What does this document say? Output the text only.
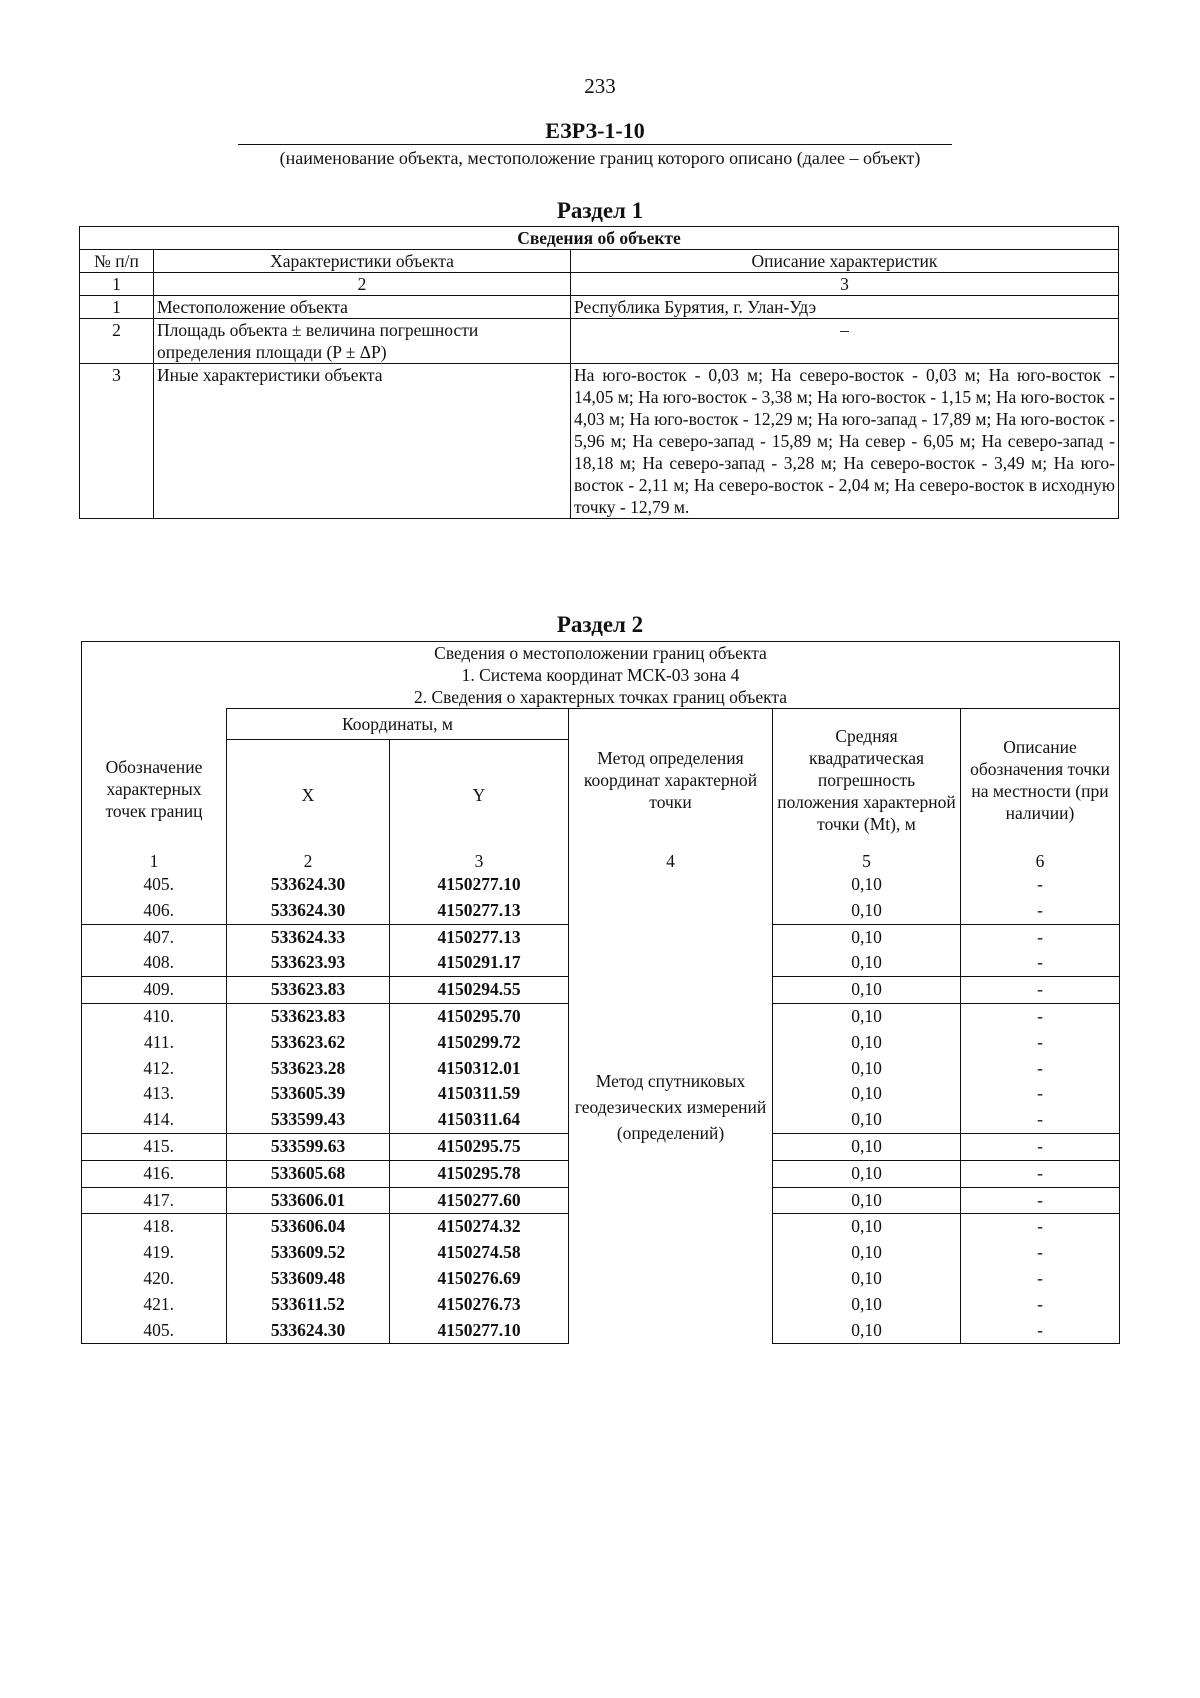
233
ЕЗРЗ-1-10
(наименование объекта, местоположение границ которого описано (далее – объект)
Раздел 1
Сведения об объекте		
№ п/п	Характеристики объекта	Описание характеристик
1	2	3
1	Местоположение объекта	Республика Бурятия, г. Улан-Удэ
2	Площадь объекта ± величина погрешности определения площади (P ± ΔP)	–
3	Иные характеристики объекта	На юго-восток - 0,03 м; На северо-восток - 0,03 м; На юго-восток - 14,05 м; На юго-восток - 3,38 м; На юго-восток - 1,15 м; На юго-восток - 4,03 м; На юго-восток - 12,29 м; На юго-запад - 17,89 м; На юго-восток - 5,96 м; На северо-запад - 15,89 м; На север - 6,05 м; На северо-запад - 18,18 м; На северо-запад - 3,28 м; На северо-восток - 3,49 м; На юго-восток - 2,11 м; На северо-восток - 2,04 м; На северо-восток в исходную точку - 12,79 м.
Раздел 2
Сведения о местоположении границ объекта
1. Система координат МСК-03 зона 4
2. Сведения о характерных точках границ объекта					

Обозначение характерных точек границ	Координаты, м		Метод определения координат характерной точки	Средняя квадратическая погрешность положения характерной точки (Mt), м	Описание обозначения точки на местности (при наличии)
	X	Y			
1	2	3	4	5	6
405.	533624.30	4150277.10	Метод спутниковых геодезических измерений (определений)	0,10	-
406.	533624.30	4150277.13		0,10	-
407.	533624.33	4150277.13		0,10	-
408.	533623.93	4150291.17		0,10	-
409.	533623.83	4150294.55		0,10	-
410.	533623.83	4150295.70		0,10	-
411.	533623.62	4150299.72		0,10	-
412.	533623.28	4150312.01		0,10	-
413.	533605.39	4150311.59		0,10	-
414.	533599.43	4150311.64		0,10	-
415.	533599.63	4150295.75		0,10	-
416.	533605.68	4150295.78		0,10	-
417.	533606.01	4150277.60		0,10	-
418.	533606.04	4150274.32		0,10	-
419.	533609.52	4150274.58		0,10	-
420.	533609.48	4150276.69		0,10	-
421.	533611.52	4150276.73		0,10	-
405.	533624.30	4150277.10		0,10	-
